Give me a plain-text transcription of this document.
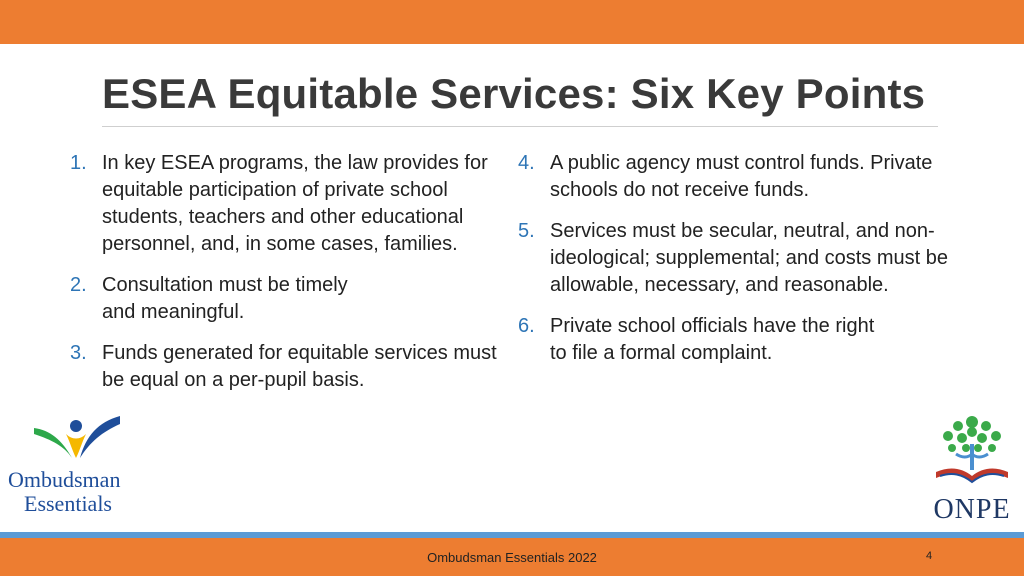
ESEA Equitable Services: Six Key Points
1. In key ESEA programs, the law provides for equitable participation of private school students, teachers and other educational personnel, and, in some cases, families.
2. Consultation must be timely and meaningful.
3. Funds generated for equitable services must be equal on a per-pupil basis.
4. A public agency must control funds. Private schools do not receive funds.
5. Services must be secular, neutral, and non-ideological; supplemental; and costs must be allowable, necessary, and reasonable.
6. Private school officials have the right to file a formal complaint.
Ombudsman
Essentials	ONPE
Ombudsman Essentials 2022	4
